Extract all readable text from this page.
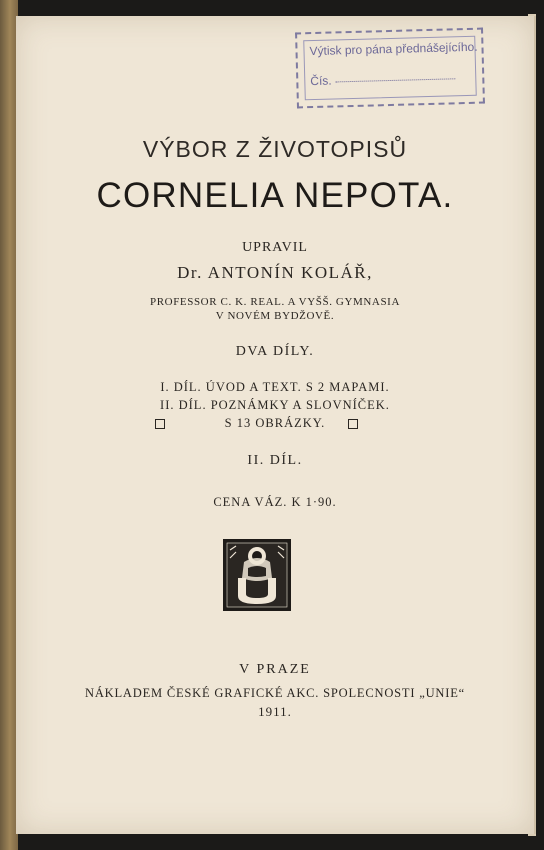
Výtisk pro pána přednášejícího.
Čís.
VÝBOR Z ŽIVOTOPISŮ
CORNELIA NEPOTA.
UPRAVIL
Dr. ANTONÍN KOLÁŘ,
PROFESSOR C. K. REAL. A VYŠŠ. GYMNASIA
V NOVÉM BYDŽOVĚ.
DVA DÍLY.
I. DÍL. ÚVOD A TEXT. S 2 MAPAMI.
II. DÍL. POZNÁMKY A SLOVNÍČEK.
S 13 OBRÁZKY.
II. DÍL.
CENA VÁZ. K 1·90.
V PRAZE
NÁKLADEM ČESKÉ GRAFICKÉ AKC. SPOLECNOSTI „UNIE“
1911.
